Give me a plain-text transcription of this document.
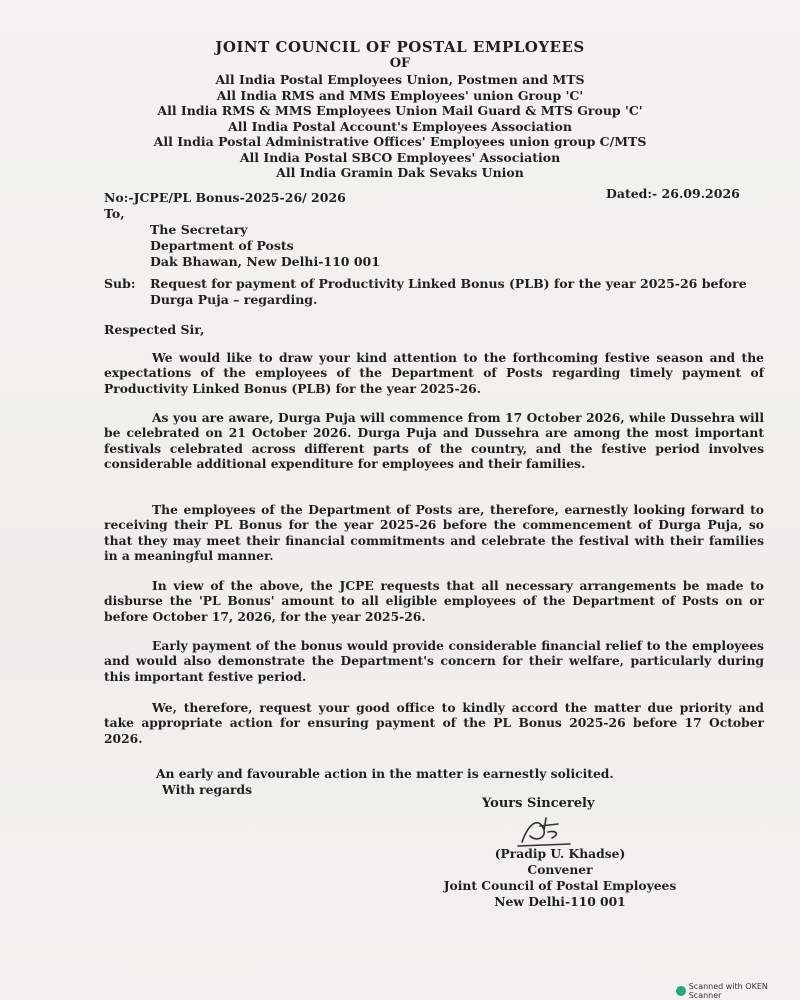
JOINT COUNCIL OF POSTAL EMPLOYEES
OF
All India Postal Employees Union, Postmen and MTS
All India RMS and MMS Employees' union Group 'C'
All India RMS & MMS Employees Union Mail Guard & MTS Group 'C'
All India Postal Account's Employees Association
All India Postal Administrative Offices' Employees union group C/MTS
All India Postal SBCO Employees' Association
All India Gramin Dak Sevaks Union
No:-JCPE/PL Bonus-2025-26/ 2026	Dated:- 26.09.2026
To,
The Secretary
Department of Posts
Dak Bhawan, New Delhi-110 001
Sub: Request for payment of Productivity Linked Bonus (PLB) for the year 2025-26 before Durga Puja – regarding.
Respected Sir,
We would like to draw your kind attention to the forthcoming festive season and the expectations of the employees of the Department of Posts regarding timely payment of Productivity Linked Bonus (PLB) for the year 2025-26.
As you are aware, Durga Puja will commence from 17 October 2026, while Dussehra will be celebrated on 21 October 2026. Durga Puja and Dussehra are among the most important festivals celebrated across different parts of the country, and the festive period involves considerable additional expenditure for employees and their families.
The employees of the Department of Posts are, therefore, earnestly looking forward to receiving their PL Bonus for the year 2025-26 before the commencement of Durga Puja, so that they may meet their financial commitments and celebrate the festival with their families in a meaningful manner.
In view of the above, the JCPE requests that all necessary arrangements be made to disburse the 'PL Bonus' amount to all eligible employees of the Department of Posts on or before October 17, 2026, for the year 2025-26.
Early payment of the bonus would provide considerable financial relief to the employees and would also demonstrate the Department's concern for their welfare, particularly during this important festive period.
We, therefore, request your good office to kindly accord the matter due priority and take appropriate action for ensuring payment of the PL Bonus 2025-26 before 17 October 2026.
An early and favourable action in the matter is earnestly solicited.
With regards
Yours Sincerely
(Pradip U. Khadse)
Convener
Joint Council of Postal Employees
New Delhi-110 001
Scanned with OKEN Scanner
